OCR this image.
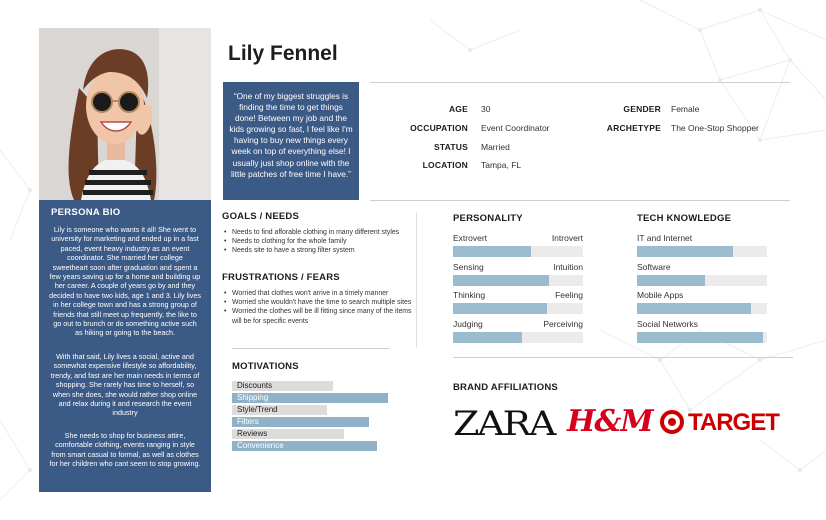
Lily Fennel
“One of my biggest struggles is finding the time to get things done! Between my job and the kids growing so fast, I feel like I'm having to buy new things every week on top of everything else! I usually just shop online with the little patches of free time I have.”
AGE 30
OCCUPATION Event Coordinator
STATUS Married
LOCATION Tampa, FL
GENDER Female
ARCHETYPE The One-Stop Shopper
PERSONA BIO
Lily is someone who wants it all! She went to university for marketing and ended up in a fast paced, event heavy industry as an event coordinator. She married her college sweetheart soon after graduation and spent a few years saving up for a home and building up her career. A couple of years go by and they decided to have two kids, age 1 and 3. Lily lives in her college town and has a strong group of friends that still meet up frequently, the like to go out to brunch or do something active such as hiking or going to the beach.
With that said, Lily lives a social, active and somewhat expensive lifestyle so affordability, trendy, and fast are her main needs in terms of shopping. She rarely has time to herself, so when she does, she would rather shop online and relax during it and research the event industry
She needs to shop for business attire, comfortable clothing, events ranging in style from smart casual to formal, as well as clothes for her children who cant seem to stop growing.
GOALS / NEEDS
• Needs to find afforable clothing in many different styles
• Needs to clothing for the whole family
• Needs site to have a strong filter system
FRUSTRATIONS / FEARS
• Worried that clothes won't arrive in a timely manner
• Worried she wouldn't have the time to search multiple sites
• Worried the clothes will be ill fitting since many of the items will be for specific events
MOTIVATIONS
Discounts
Shipping
Style/Trend
Filters
Reviews
Convenience
PERSONALITY
Extrovert	Introvert
Sensing	Intuition
Thinking	Feeling
Judging	Perceiving
TECH KNOWLEDGE
IT and Internet
Software
Mobile Apps
Social Networks
BRAND AFFILIATIONS
ZARA H&M TARGET
